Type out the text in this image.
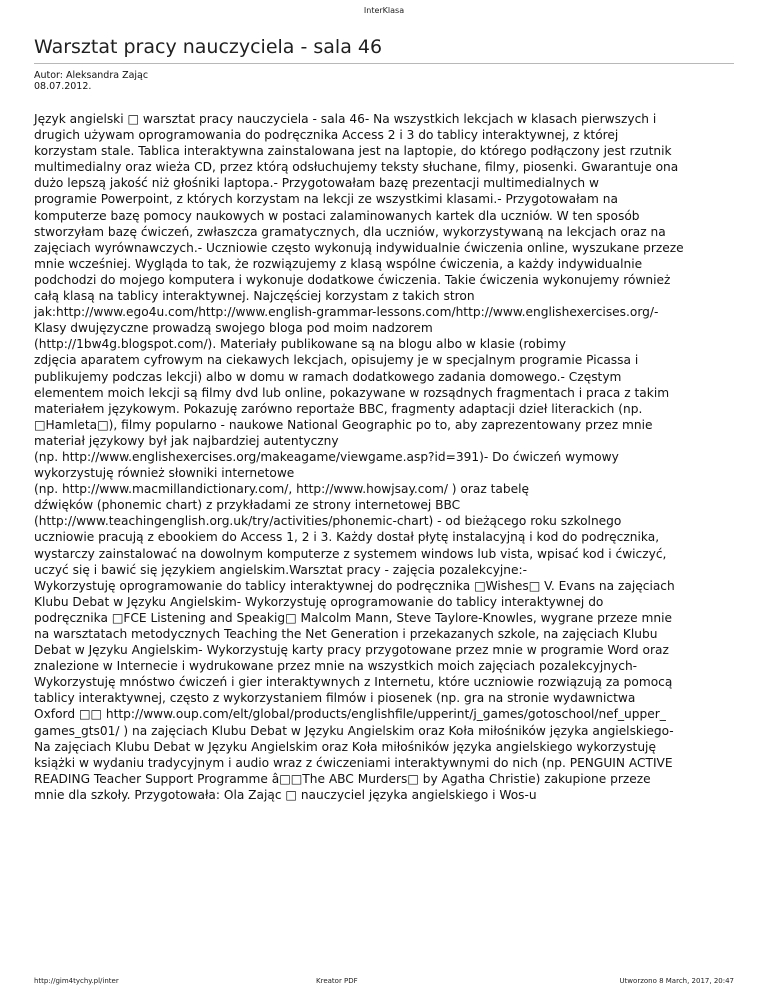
InterKlasa
Warsztat pracy nauczyciela - sala 46
Autor: Aleksandra Zając
08.07.2012.
Język angielski □ warsztat pracy nauczyciela - sala 46- Na wszystkich lekcjach w klasach pierwszych i
drugich używam oprogramowania do podręcznika Access 2 i 3 do tablicy interaktywnej, z której
korzystam stale. Tablica interaktywna zainstalowana jest na laptopie, do którego podłączony jest rzutnik
multimedialny oraz wieża CD, przez którą odsłuchujemy teksty słuchane, filmy, piosenki. Gwarantuje ona
dużo lepszą jakość niż głośniki laptopa.- Przygotowałam bazę prezentacji multimedialnych w
programie Powerpoint, z których korzystam na lekcji ze wszystkimi klasami.- Przygotowałam na
komputerze bazę pomocy naukowych w postaci zalaminowanych kartek dla uczniów. W ten sposób
stworzyłam bazę ćwiczeń, zwłaszcza gramatycznych, dla uczniów, wykorzystywaną na lekcjach oraz na
zajęciach wyrównawczych.- Uczniowie często wykonują indywidualnie ćwiczenia online, wyszukane przeze
mnie wcześniej. Wygląda to tak, że rozwiązujemy z klasą wspólne ćwiczenia, a każdy indywidualnie
podchodzi do mojego komputera i wykonuje dodatkowe ćwiczenia. Takie ćwiczenia wykonujemy również
całą klasą na tablicy interaktywnej. Najczęściej korzystam z takich stron
jak:http://www.ego4u.com/http://www.english-grammar-lessons.com/http://www.englishexercises.org/-
Klasy dwujęzyczne prowadzą swojego bloga pod moim nadzorem
(http://1bw4g.blogspot.com/). Materiały publikowane są na blogu albo w klasie (robimy
zdjęcia aparatem cyfrowym na ciekawych lekcjach, opisujemy je w specjalnym programie Picassa i
publikujemy podczas lekcji) albo w domu w ramach dodatkowego zadania domowego.- Częstym
elementem moich lekcji są filmy dvd lub online, pokazywane w rozsądnych fragmentach i praca z takim
materiałem językowym. Pokazuję zarówno reportaże BBC, fragmenty adaptacji dzieł literackich (np.
□Hamleta□), filmy popularno - naukowe National Geographic po to, aby zaprezentowany przez mnie
materiał językowy był jak najbardziej autentyczny
(np. http://www.englishexercises.org/makeagame/viewgame.asp?id=391)- Do ćwiczeń wymowy
wykorzystuję również słowniki internetowe
(np. http://www.macmillandictionary.com/, http://www.howjsay.com/ ) oraz tabelę
dźwięków (phonemic chart) z przykładami ze strony internetowej BBC
(http://www.teachingenglish.org.uk/try/activities/phonemic-chart) - od bieżącego roku szkolnego
uczniowie pracują z ebookiem do Access 1, 2 i 3. Każdy dostał płytę instalacyjną i kod do podręcznika,
wystarczy zainstalować na dowolnym komputerze z systemem windows lub vista, wpisać kod i ćwiczyć,
uczyć się i bawić się językiem angielskim.Warsztat pracy - zajęcia pozalekcyjne:-
Wykorzystuję oprogramowanie do tablicy interaktywnej do podręcznika □Wishes□ V. Evans na zajęciach
Klubu Debat w Języku Angielskim- Wykorzystuję oprogramowanie do tablicy interaktywnej do
podręcznika □FCE Listening and Speakig□ Malcolm Mann, Steve Taylore-Knowles, wygrane przeze mnie
na warsztatach metodycznych Teaching the Net Generation i przekazanych szkole, na zajęciach Klubu
Debat w Języku Angielskim- Wykorzystuję karty pracy przygotowane przez mnie w programie Word oraz
znalezione w Internecie i wydrukowane przez mnie na wszystkich moich zajęciach pozalekcyjnych-
Wykorzystuję mnóstwo ćwiczeń i gier interaktywnych z Internetu, które uczniowie rozwiązują za pomocą
tablicy interaktywnej, często z wykorzystaniem filmów i piosenek (np. gra na stronie wydawnictwa
Oxford □□ http://www.oup.com/elt/global/products/englishfile/upperint/j_games/gotoschool/nef_upper_
games_gts01/ ) na zajęciach Klubu Debat w Języku Angielskim oraz Koła miłośników języka angielskiego-
Na zajęciach Klubu Debat w Języku Angielskim oraz Koła miłośników języka angielskiego wykorzystuję
książki w wydaniu tradycyjnym i audio wraz z ćwiczeniami interaktywnymi do nich (np. PENGUIN ACTIVE
READING Teacher Support Programme â□□The ABC Murders□ by Agatha Christie) zakupione przeze
mnie dla szkoły. Przygotowała: Ola Zając □ nauczyciel języka angielskiego i Wos-u
http://gim4tychy.pl/inter	Kreator PDF	Utworzono 8 March, 2017, 20:47
